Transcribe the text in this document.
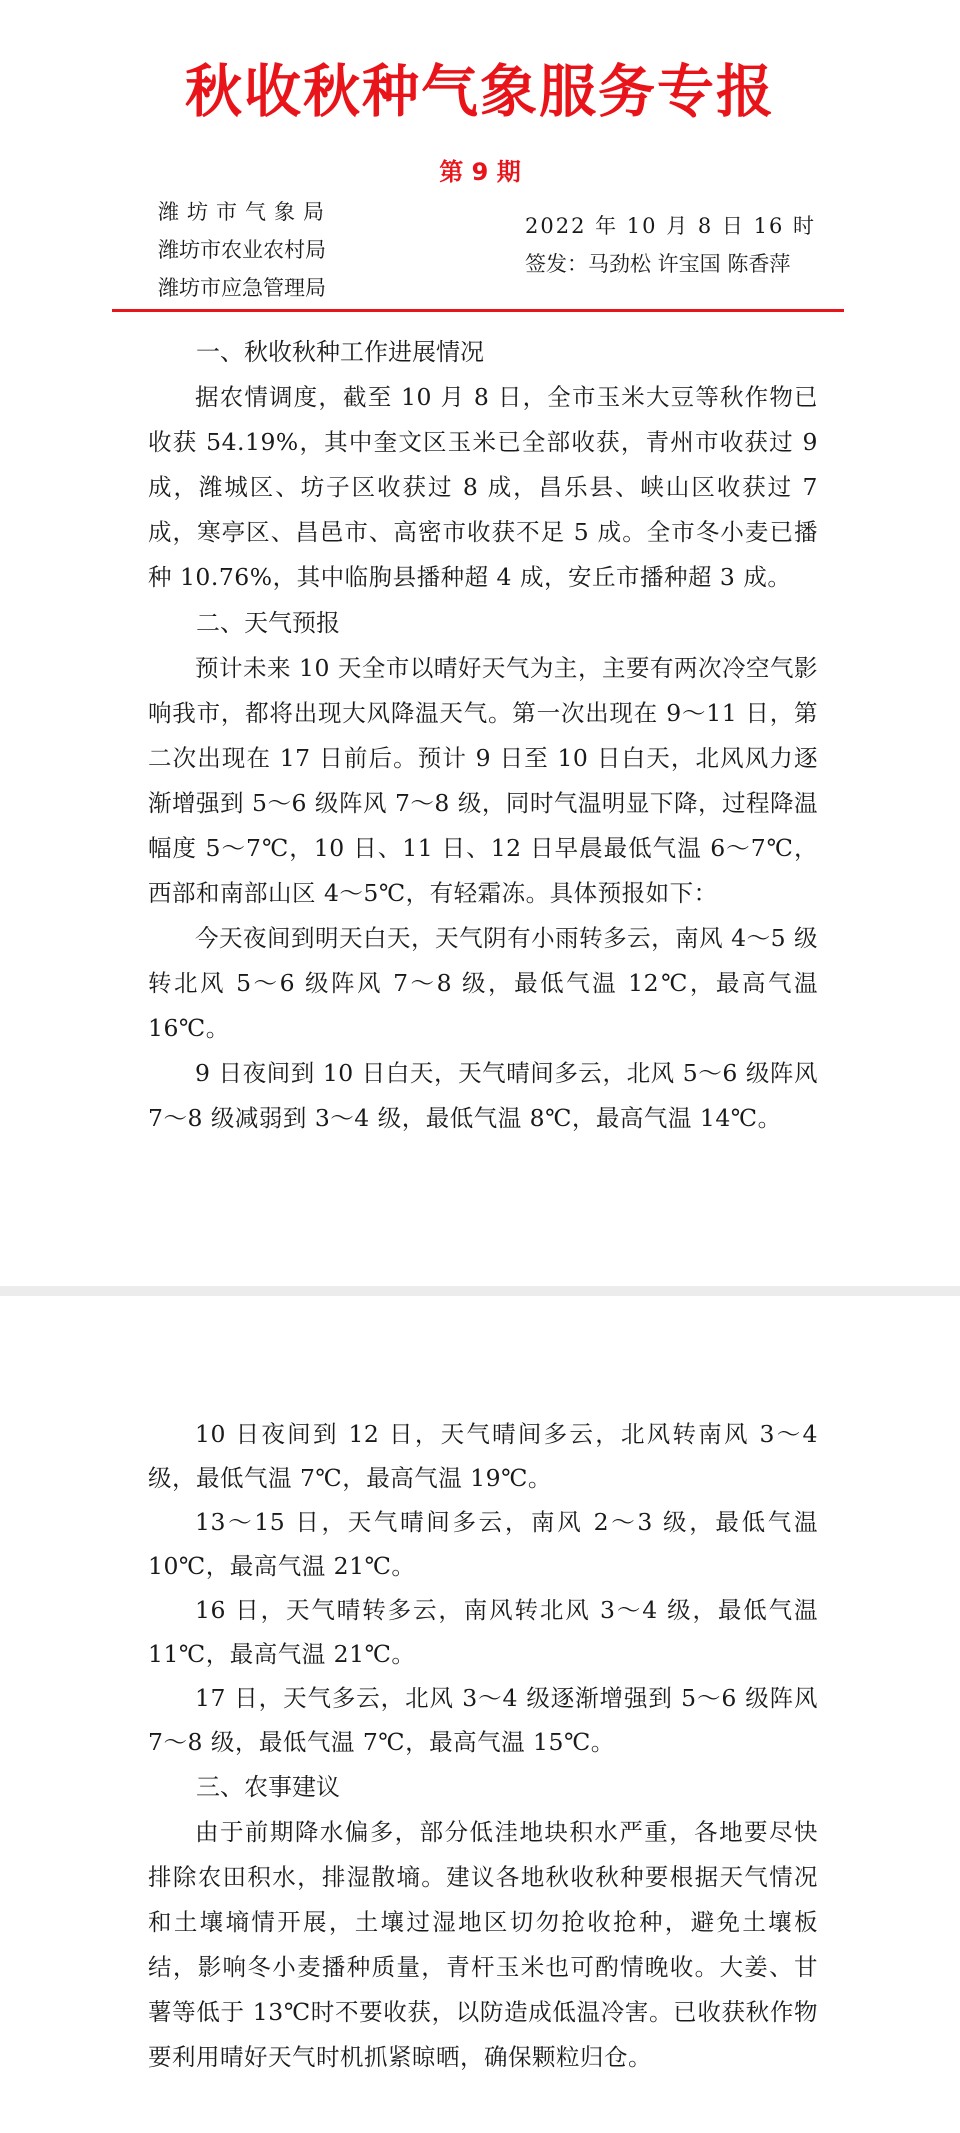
秋收秋种气象服务专报
第 9 期
潍坊市气象局
潍坊市农业农村局
潍坊市应急管理局
2022 年 10 月 8 日 16 时
签发：马劲松 许宝国 陈香萍
一、秋收秋种工作进展情况

据农情调度，截至 10 月 8 日，全市玉米大豆等秋作物已收获 54.19%，其中奎文区玉米已全部收获，青州市收获过 9 成，潍城区、坊子区收获过 8 成，昌乐县、峡山区收获过 7 成，寒亭区、昌邑市、高密市收获不足 5 成。全市冬小麦已播种 10.76%，其中临朐县播种超 4 成，安丘市播种超 3 成。

二、天气预报

预计未来 10 天全市以晴好天气为主，主要有两次冷空气影响我市，都将出现大风降温天气。第一次出现在 9～11 日，第二次出现在 17 日前后。预计 9 日至 10 日白天，北风风力逐渐增强到 5～6 级阵风 7～8 级，同时气温明显下降，过程降温幅度 5～7℃，10 日、11 日、12 日早晨最低气温 6～7℃，西部和南部山区 4～5℃，有轻霜冻。具体预报如下：

今天夜间到明天白天，天气阴有小雨转多云，南风 4～5 级转北风 5～6 级阵风 7～8 级，最低气温 12℃，最高气温 16℃。

9 日夜间到 10 日白天，天气晴间多云，北风 5～6 级阵风 7～8 级减弱到 3～4 级，最低气温 8℃，最高气温 14℃。

10 日夜间到 12 日，天气晴间多云，北风转南风 3～4 级，最低气温 7℃，最高气温 19℃。

13～15 日，天气晴间多云，南风 2～3 级，最低气温 10℃，最高气温 21℃。

16 日，天气晴转多云，南风转北风 3～4 级，最低气温 11℃，最高气温 21℃。

17 日，天气多云，北风 3～4 级逐渐增强到 5～6 级阵风 7～8 级，最低气温 7℃，最高气温 15℃。

三、农事建议

由于前期降水偏多，部分低洼地块积水严重，各地要尽快排除农田积水，排湿散墒。建议各地秋收秋种要根据天气情况和土壤墒情开展，土壤过湿地区切勿抢收抢种，避免土壤板结，影响冬小麦播种质量，青杆玉米也可酌情晚收。大姜、甘薯等低于 13℃时不要收获，以防造成低温冷害。已收获秋作物要利用晴好天气时机抓紧晾晒，确保颗粒归仓。
